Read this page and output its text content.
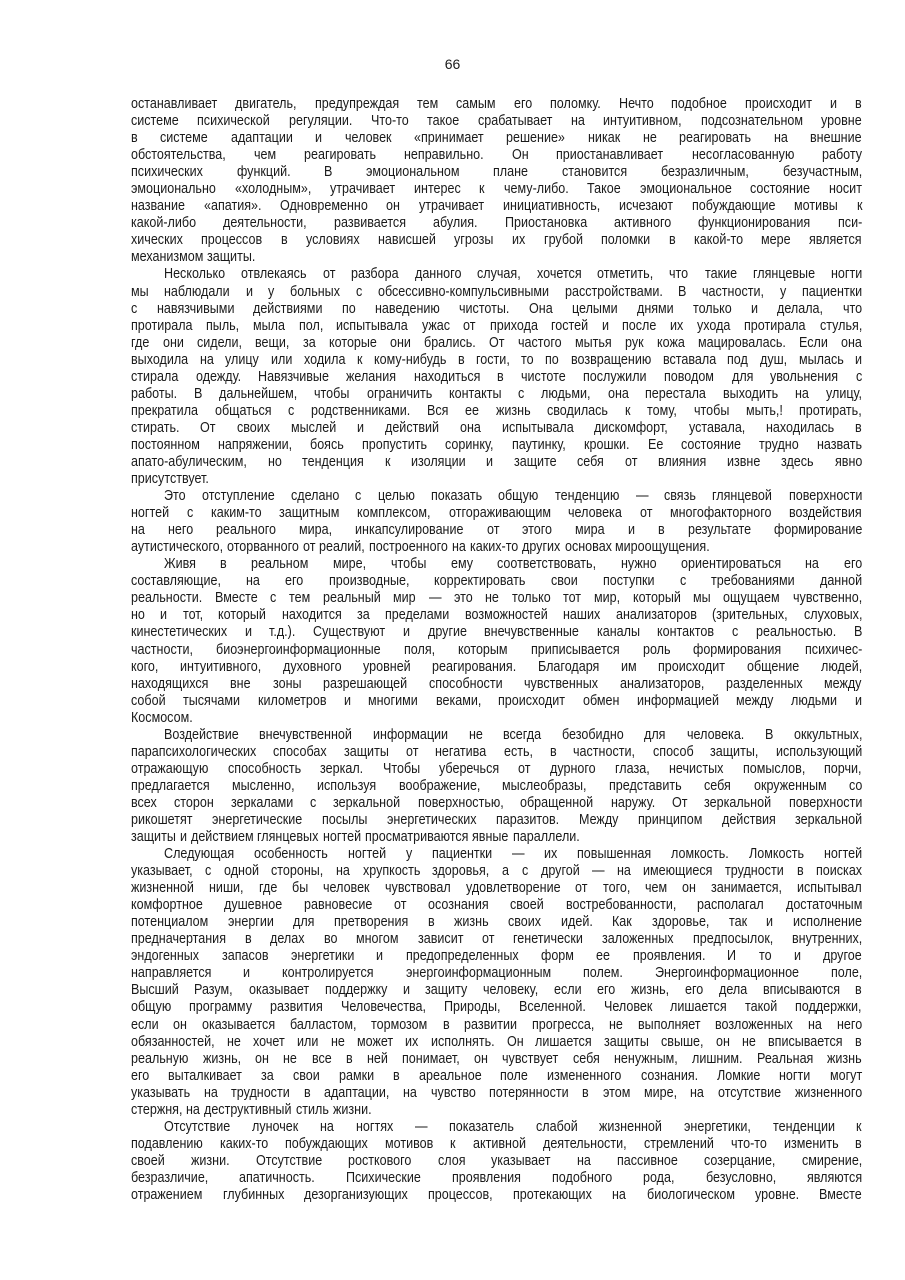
66
останавливает двигатель, предупреждая тем самым его поломку. Нечто подобное происходит и в
системе психической регуляции. Что-то такое срабатывает на интуитивном, подсознательном уровне
в системе адаптации и человек «принимает решение» никак не реагировать на внешние
обстоятельства, чем реагировать неправильно. Он приостанавливает несогласованную работу
психических функций. В эмоциональном плане становится безразличным, безучастным,
эмоционально «холодным», утрачивает интерес к чему-либо. Такое эмоциональное состояние носит
название «апатия». Одновременно он утрачивает инициативность, исчезают побуждающие мотивы к
какой-либо деятельности, развивается абулия. Приостановка активного функционирования пси-
хических процессов в условиях нависшей угрозы их грубой поломки в какой-то мере является
механизмом защиты.
Несколько отвлекаясь от разбора данного случая, хочется отметить, что такие глянцевые ногти
мы наблюдали и у больных с обсессивно-компульсивными расстройствами. В частности, у пациентки
с навязчивыми действиями по наведению чистоты. Она целыми днями только и делала, что
протирала пыль, мыла пол, испытывала ужас от прихода гостей и после их ухода протирала стулья,
где они сидели, вещи, за которые они брались. От частого мытья рук кожа мацировалась. Если она
выходила на улицу или ходила к кому-нибудь в гости, то по возвращению вставала под душ, мылась и
стирала одежду. Навязчивые желания находиться в чистоте послужили поводом для увольнения с
работы. В дальнейшем, чтобы ограничить контакты с людьми, она перестала выходить на улицу,
прекратила общаться с родственниками. Вся ее жизнь сводилась к тому, чтобы мыть,! протирать,
стирать. От своих мыслей и действий она испытывала дискомфорт, уставала, находилась в
постоянном напряжении, боясь пропустить соринку, паутинку, крошки. Ее состояние трудно назвать
апато-абулическим, но тенденция к изоляции и защите себя от влияния извне здесь явно
присутствует.
Это отступление сделано с целью показать общую тенденцию — связь глянцевой поверхности
ногтей с каким-то защитным комплексом, отгораживающим человека от многофакторного воздействия
на него реального мира, инкапсулирование от этого мира и в результате формирование
аутистического, оторванного от реалий, построенного на каких-то других основах мироощущения.
Живя в реальном мире, чтобы ему соответствовать, нужно ориентироваться на его
составляющие, на его производные, корректировать свои поступки с требованиями данной
реальности. Вместе с тем реальный мир — это не только тот мир, который мы ощущаем чувственно,
но и тот, который находится за пределами возможностей наших анализаторов (зрительных, слуховых,
кинестетических и т.д.). Существуют и другие внечувственные каналы контактов с реальностью. В
частности, биоэнергоинформационные поля, которым приписывается роль формирования психичес-
кого, интуитивного, духовного уровней реагирования. Благодаря им происходит общение людей,
находящихся вне зоны разрешающей способности чувственных анализаторов, разделенных между
собой тысячами километров и многими веками, происходит обмен информацией между людьми и
Космосом.
Воздействие внечувственной информации не всегда безобидно для человека. В оккультных,
парапсихологических способах защиты от негатива есть, в частности, способ защиты, использующий
отражающую способность зеркал. Чтобы уберечься от дурного глаза, нечистых помыслов, порчи,
предлагается мысленно, используя воображение, мыслеобразы, представить себя окруженным со
всех сторон зеркалами с зеркальной поверхностью, обращенной наружу. От зеркальной поверхности
рикошетят энергетические посылы энергетических паразитов. Между принципом действия зеркальной
защиты и действием глянцевых ногтей просматриваются явные параллели.
Следующая особенность ногтей у пациентки — их повышенная ломкость. Ломкость ногтей
указывает, с одной стороны, на хрупкость здоровья, а с другой — на имеющиеся трудности в поисках
жизненной ниши, где бы человек чувствовал удовлетворение от того, чем он занимается, испытывал
комфортное душевное равновесие от осознания своей востребованности, располагал достаточным
потенциалом энергии для претворения в жизнь своих идей. Как здоровье, так и исполнение
предначертания в делах во многом зависит от генетически заложенных предпосылок, внутренних,
эндогенных запасов энергетики и предопределенных форм ее проявления. И то и другое
направляется и контролируется энергоинформационным полем. Энергоинформационное поле,
Высший Разум, оказывает поддержку и защиту человеку, если его жизнь, его дела вписываются в
общую программу развития Человечества, Природы, Вселенной. Человек лишается такой поддержки,
если он оказывается балластом, тормозом в развитии прогресса, не выполняет возложенных на него
обязанностей, не хочет или не может их исполнять. Он лишается защиты свыше, он не вписывается в
реальную жизнь, он не все в ней понимает, он чувствует себя ненужным, лишним. Реальная жизнь
его выталкивает за свои рамки в ареальное поле измененного сознания. Ломкие ногти могут
указывать на трудности в адаптации, на чувство потерянности в этом мире, на отсутствие жизненного
стержня, на деструктивный стиль жизни.
Отсутствие луночек на ногтях — показатель слабой жизненной энергетики, тенденции к
подавлению каких-то побуждающих мотивов к активной деятельности, стремлений что-то изменить в
своей жизни. Отсутствие росткового слоя указывает на пассивное созерцание, смирение,
безразличие, апатичность. Психические проявления подобного рода, безусловно, являются
отражением глубинных дезорганизующих процессов, протекающих на биологическом уровне. Вместе
